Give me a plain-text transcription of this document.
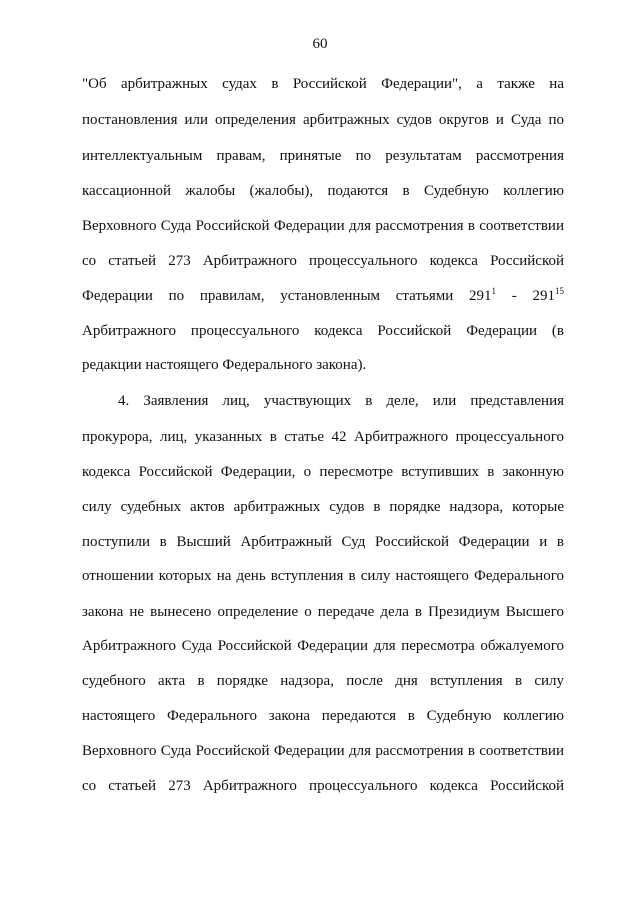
60
"Об арбитражных судах в Российской Федерации", а также на
постановления или определения арбитражных судов округов и Суда по
интеллектуальным правам, принятые по результатам рассмотрения
кассационной жалобы (жалобы), подаются в Судебную коллегию
Верховного Суда Российской Федерации для рассмотрения в соответствии
со статьей 273 Арбитражного процессуального кодекса Российской
Федерации по правилам, установленным статьями $291^1 - 291^{15}$
Арбитражного процессуального кодекса Российской Федерации (в
редакции настоящего Федерального закона).
4. Заявления лиц, участвующих в деле, или представления
прокурора, лиц, указанных в статье 42 Арбитражного процессуального
кодекса Российской Федерации, о пересмотре вступивших в законную
силу судебных актов арбитражных судов в порядке надзора, которые
поступили в Высший Арбитражный Суд Российской Федерации и в
отношении которых на день вступления в силу настоящего Федерального
закона не вынесено определение о передаче дела в Президиум Высшего
Арбитражного Суда Российской Федерации для пересмотра обжалуемого
судебного акта в порядке надзора, после дня вступления в силу
настоящего Федерального закона передаются в Судебную коллегию
Верховного Суда Российской Федерации для рассмотрения в соответствии
со статьей 273 Арбитражного процессуального кодекса Российской
